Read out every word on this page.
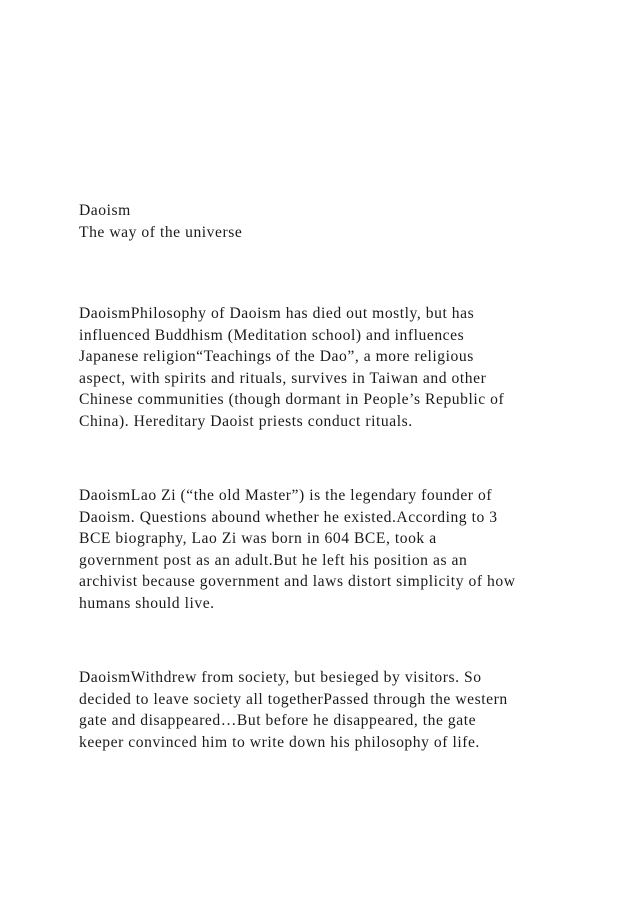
Daoism

The way of the universe

DaoismPhilosophy of Daoism has died out mostly, but has

influenced Buddhism (Meditation school) and influences

Japanese religion“Teachings of the Dao”, a more religious

aspect, with spirits and rituals, survives in Taiwan and other

Chinese communities (though dormant in People’s Republic of

China). Hereditary Daoist priests conduct rituals.

DaoismLao Zi (“the old Master”) is the legendary founder of

Daoism. Questions abound whether he existed.According to 3

BCE biography, Lao Zi was born in 604 BCE, took a

government post as an adult.But he left his position as an

archivist because government and laws distort simplicity of how

humans should live.

DaoismWithdrew from society, but besieged by visitors. So

decided to leave society all togetherPassed through the western

gate and disappeared…But before he disappeared, the gate

keeper convinced him to write down his philosophy of life.
